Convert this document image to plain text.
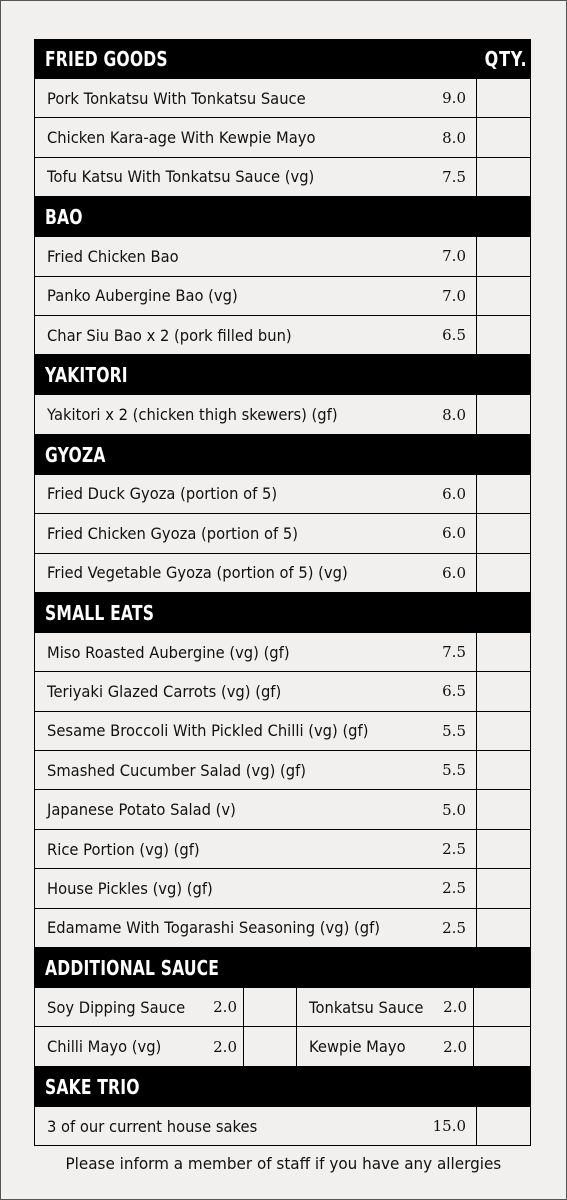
FRIED GOODS	QTY.
Pork Tonkatsu With Tonkatsu Sauce	9.0
Chicken Kara-age With Kewpie Mayo	8.0
Tofu Katsu With Tonkatsu Sauce (vg)	7.5
BAO
Fried Chicken Bao	7.0
Panko Aubergine Bao (vg)	7.0
Char Siu Bao x 2 (pork filled bun)	6.5
YAKITORI
Yakitori x 2 (chicken thigh skewers) (gf)	8.0
GYOZA
Fried Duck Gyoza (portion of 5)	6.0
Fried Chicken Gyoza (portion of 5)	6.0
Fried Vegetable Gyoza (portion of 5) (vg)	6.0
SMALL EATS
Miso Roasted Aubergine (vg) (gf)	7.5
Teriyaki Glazed Carrots (vg) (gf)	6.5
Sesame Broccoli With Pickled Chilli (vg) (gf)	5.5
Smashed Cucumber Salad (vg) (gf)	5.5
Japanese Potato Salad (v)	5.0
Rice Portion (vg) (gf)	2.5
House Pickles (vg) (gf)	2.5
Edamame With Togarashi Seasoning (vg) (gf)	2.5
ADDITIONAL SAUCE
Soy Dipping Sauce	2.0	Tonkatsu Sauce	2.0
Chilli Mayo (vg)	2.0	Kewpie Mayo	2.0
SAKE TRIO
3 of our current house sakes	15.0
Please inform a member of staff if you have any allergies
